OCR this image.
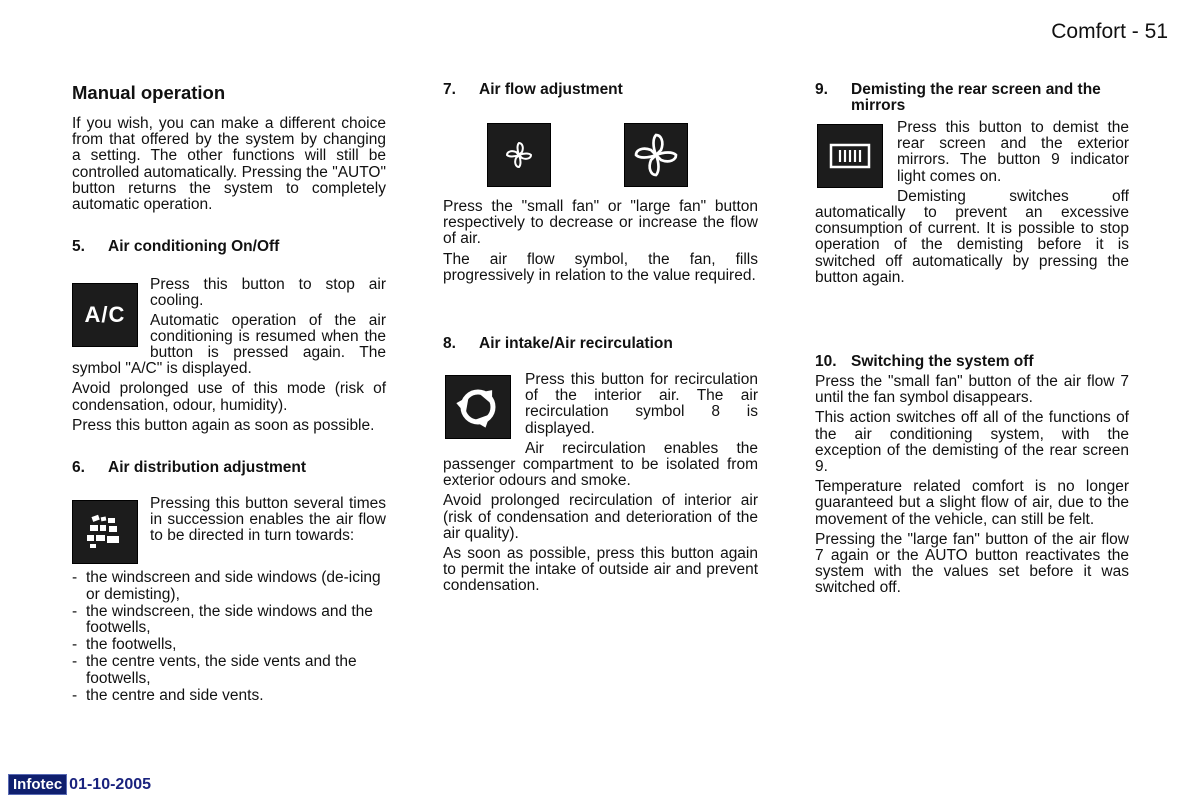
Comfort - 51
Manual operation

If you wish, you can make a different choice from that offered by the system by changing a setting. The other functions will still be controlled automatically. Pressing the "AUTO" button returns the system to completely automatic operation.

5.	Air conditioning On/Off
A/C

Press this button to stop air cooling.

Automatic operation of the air conditioning is resumed when the button is pressed again. The symbol "A/C" is displayed.

Avoid prolonged use of this mode (risk of condensation, odour, humidity).

Press this button again as soon as possible.

6.	Air distribution adjustment

Pressing this button several times in succession enables the air flow to be directed in turn towards:

- the windscreen and side windows (de-icing or demisting),
- the windscreen, the side windows and the footwells,
- the footwells,
- the centre vents, the side vents and the footwells,
- the centre and side vents.
7.	Air flow adjustment

Press the "small fan" or "large fan" button respectively to decrease or increase the flow of air.

The air flow symbol, the fan, fills progressively in relation to the value required.

8.	Air intake/Air recirculation

Press this button for recirculation of the interior air. The air recirculation symbol 8 is displayed.

Air recirculation enables the passenger compartment to be isolated from exterior odours and smoke.

Avoid prolonged recirculation of interior air (risk of condensation and deterioration of the air quality).

As soon as possible, press this button again to permit the intake of outside air and prevent condensation.

9.	Demisting the rear screen and the mirrors

Press this button to demist the rear screen and the exterior mirrors. The button 9 indicator light comes on.

Demisting switches off automatically to prevent an excessive consumption of current. It is possible to stop operation of the demisting before it is switched off automatically by pressing the button again.

10. Switching the system off

Press the "small fan" button of the air flow 7 until the fan symbol disappears.

This action switches off all of the functions of the air conditioning system, with the exception of the demisting of the rear screen 9.

Temperature related comfort is no longer guaranteed but a slight flow of air, due to the movement of the vehicle, can still be felt.

Pressing the "large fan" button of the air flow 7 again or the AUTO button reactivates the system with the values set before it was switched off.

Infotec 01-10-2005
